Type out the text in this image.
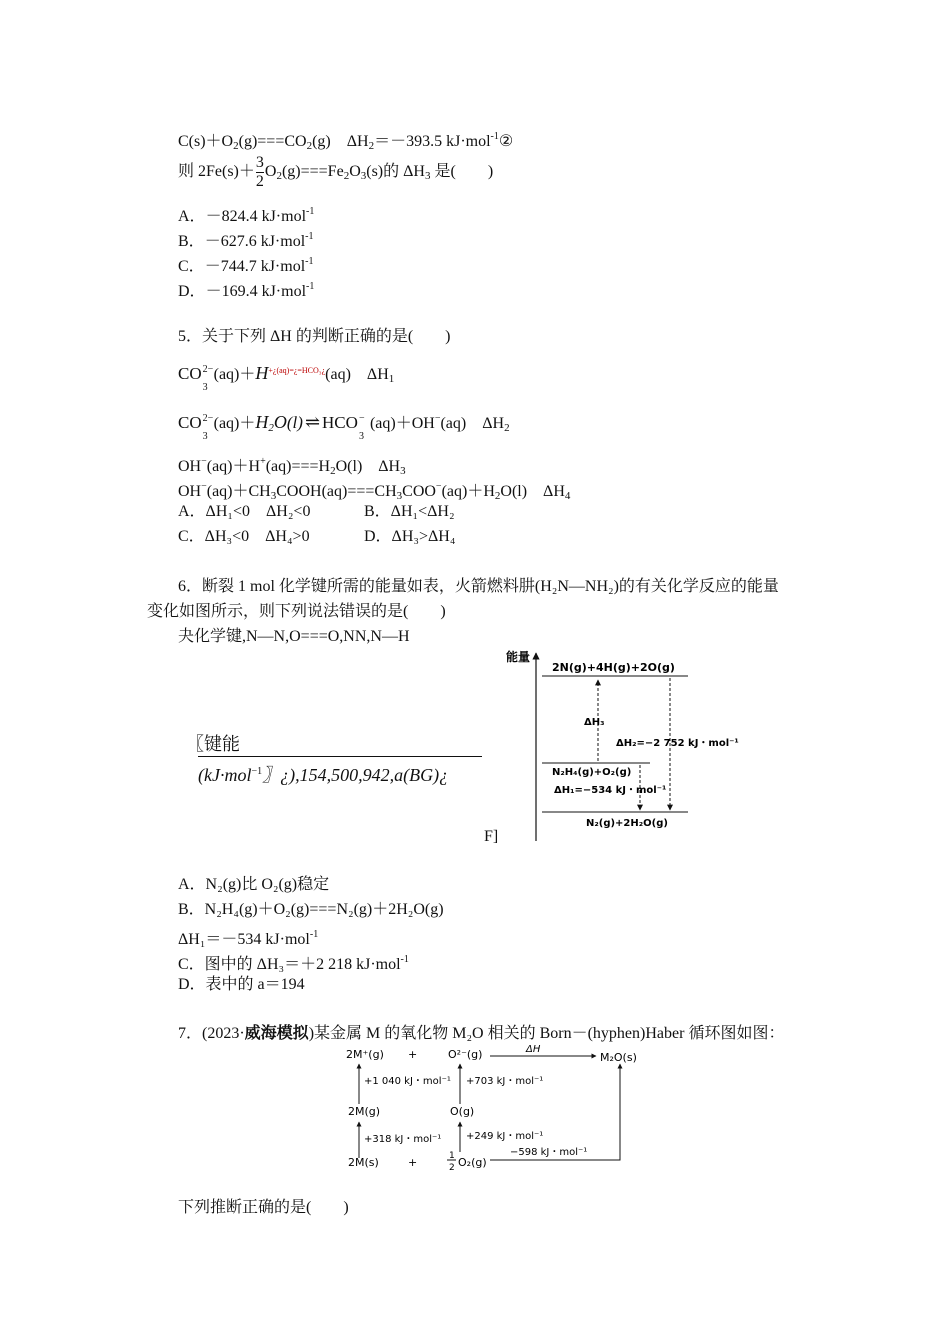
$C(s)+O_2(g)===CO_2(g)$　$\Delta H_2=-393.5$ kJ·mol$^{-1}$②
则 $2Fe(s)+ \frac{3}{2} O_2(g)===Fe_2O_3(s)$的 $\Delta H_3$ 是(　　)
A．－824.4 kJ·mol$^{-1}$
B．－627.6 kJ·mol$^{-1}$
C．－744.7 kJ·mol$^{-1}$
D．－169.4 kJ·mol$^{-1}$
5．关于下列 ΔH 的判断正确的是(　　)
CO 2−
3
$(aq)+H^{+¿(aq)=¿=HCO_3¿}(aq)$　$\Delta H_1$
CO 2−
3
$(aq)+H_2O(l)$ ⇌ HCO −
3
(aq)＋OH−(aq)　$\Delta H_2$
$OH^-(aq)+H^+(aq)===H_2O(l)$　$\Delta H_3$
$OH^-(aq)+CH_3COOH(aq)===CH_3COO^-(aq)+H_2O(l)$　$\Delta H_4$
A．ΔH₁<0　ΔH₂<0	B．ΔH₁<ΔH₂
C．ΔH₃<0　ΔH₄>0	D．ΔH₃>ΔH₄
6．断裂 1 mol 化学键所需的能量如表，火箭燃料肼(H₂N—NH₂)的有关化学反应的能量
变化如图所示，则下列说法错误的是(　　)
夬化学键,N—N,O===O,NN,N—H
〖键能
(kJ·mol$^{-1}$〗¿),154,500,942,a(BG)¿
F]
能量
2N(g)+4H(g)+2O(g)
N₂H₄(g)+O₂(g)
N₂(g)+2H₂O(g)
ΔH₃
ΔH₂=−2 752 kJ・mol⁻¹
ΔH₁=−534 kJ・mol⁻¹
A．N₂(g)比 O₂(g)稳定
B．N₂H₄(g)＋O₂(g)===N₂(g)＋2H₂O(g)
ΔH₁＝－534 kJ·mol$^{-1}$
C．图中的 ΔH₃＝＋2 218 kJ·mol$^{-1}$
D．表中的 a＝194
7．(2023·威海模拟)某金属 M 的氧化物 M₂O 相关的 Born－(hyphen)Haber 循环图如图：
2M⁺(g) +	O²⁻(g)	ΔH
M₂O(s)
+1 040 kJ・mol⁻¹ +703 kJ・mol⁻¹
2M(g)	O(g)
+318 kJ・mol⁻¹ +249 kJ・mol⁻¹
2M(s)	+	1
2 O₂(g)
−598 kJ・mol⁻¹
下列推断正确的是(　　)
